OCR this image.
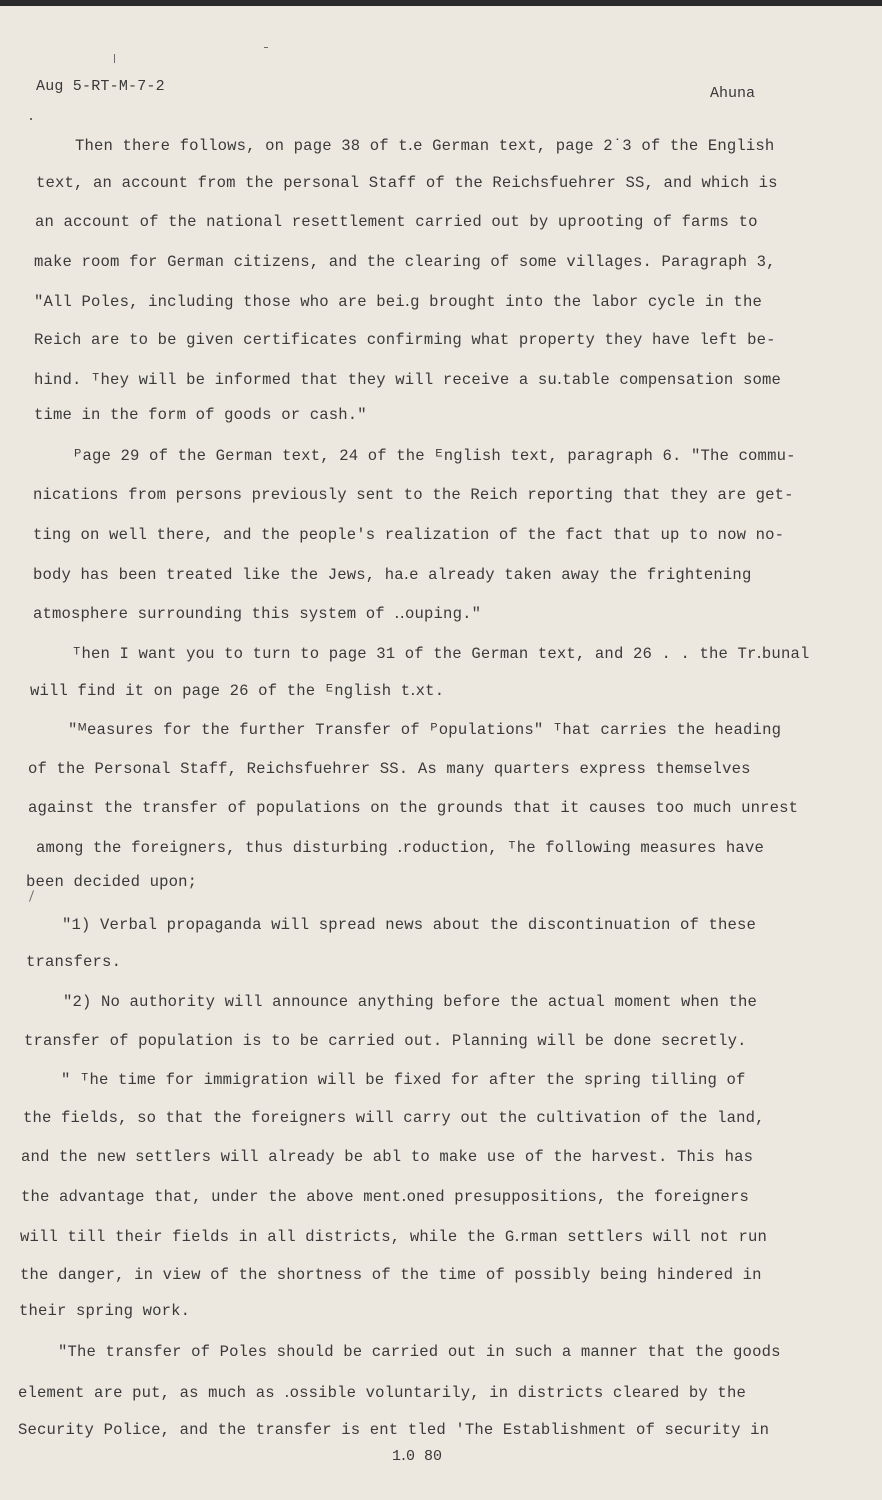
Aug 5-RT-M-7-2	Ahuna
Then there follows, on page 38 of t․e German text, page 2˙3 of the English
text, an account from the personal Staff of the Reichsfuehrer SS, and which is
an account of the national resettlement carried out by uprooting of farms to
make room for German citizens, and the clearing of some villages. Paragraph 3,
"All Poles, including those who are bei․g brought into the labor cycle in the
Reich are to be given certificates confirming what property they have left be-
hind. ᵀhey will be informed that they will receive a su․table compensation some
time in the form of goods or cash."
ᴾage 29 of the German text, 24 of the ᴱnglish text, paragraph 6. "The commu-
nications from persons previously sent to the Reich reporting that they are get-
ting on well there, and the people's realization of the fact that up to now no-
body has been treated like the Jews, ha․e already taken away the frightening
atmosphere surrounding this system of ․․ouping."
ᵀhen I want you to turn to page 31 of the German text, and 26 . . the Tr․bunal
will find it on page 26 of the ᴱnglish t․xt.
"ᴹeasures for the further Transfer of ᴾopulations" ᵀhat carries the heading
of the Personal Staff, Reichsfuehrer SS. As many quarters express themselves
against the transfer of populations on the grounds that it causes too much unrest
among the foreigners, thus disturbing ․roduction, ᵀhe following measures have
been decided upon;
"1) Verbal propaganda will spread news about the discontinuation of these
transfers.
"2) No authority will announce anything before the actual moment when the
transfer of population is to be carried out. Planning will be done secretly.
" ᵀhe time for immigration will be fixed for after the spring tilling of
the fields, so that the foreigners will carry out the cultivation of the land,
and the new settlers will already be abl to make use of the harvest. This has
the advantage that, under the above ment․oned presuppositions, the foreigners
will till their fields in all districts, while the G․rman settlers will not run
the danger, in view of the shortness of the time of possibly being hindered in
their spring work.
"The transfer of Poles should be carried out in such a manner that the goods
element are put, as much as ․ossible voluntarily, in districts cleared by the
Security Police, and the transfer is ent tled 'The Establishment of security in
1․0 80
